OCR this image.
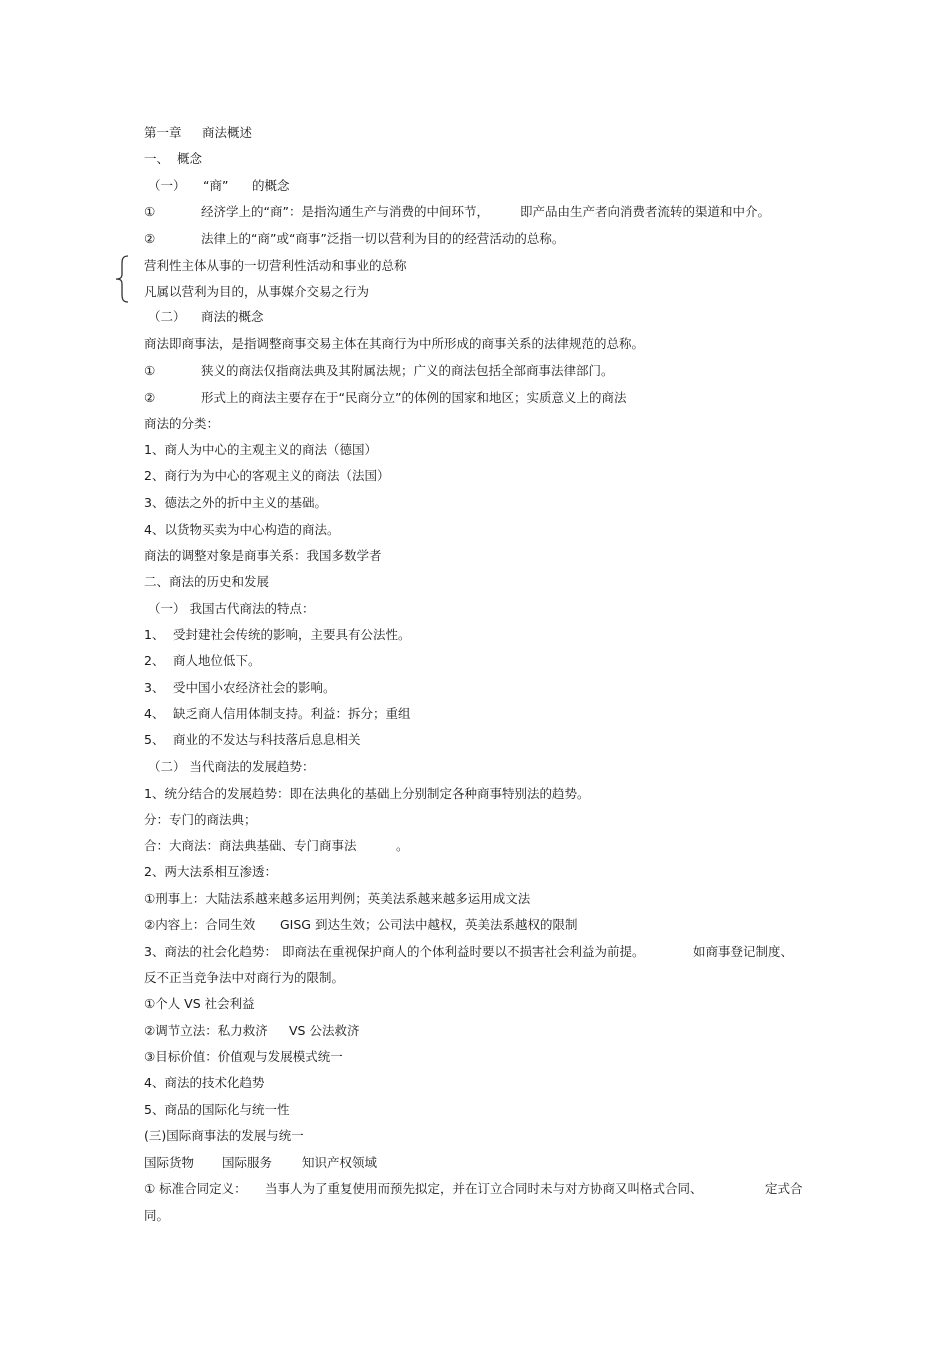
第一章 商法概述
一、 概念
（一） “商” 的概念
①	经济学上的“商”：是指沟通生产与消费的中间环节， 即产品由生产者向消费者流转的渠道和中介。
②	法律上的“商”或“商事”泛指一切以营利为目的的经营活动的总称。
营利性主体从事的一切营利性活动和事业的总称
凡属以营利为目的，从事媒介交易之行为
（二） 商法的概念
商法即商事法，是指调整商事交易主体在其商行为中所形成的商事关系的法律规范的总称。
①	狭义的商法仅指商法典及其附属法规；广义的商法包括全部商事法律部门。
②	形式上的商法主要存在于“民商分立”的体例的国家和地区；实质意义上的商法
商法的分类：
1、商人为中心的主观主义的商法（德国）
2、商行为为中心的客观主义的商法（法国）
3、德法之外的折中主义的基础。
4、以货物买卖为中心构造的商法。
商法的调整对象是商事关系：我国多数学者
二、商法的历史和发展
（一） 我国古代商法的特点：
1、 受封建社会传统的影响，主要具有公法性。
2、 商人地位低下。
3、 受中国小农经济社会的影响。
4、 缺乏商人信用体制支持。利益：拆分；重组
5、 商业的不发达与科技落后息息相关
（二） 当代商法的发展趋势：
1、统分结合的发展趋势：即在法典化的基础上分别制定各种商事特别法的趋势。
分：专门的商法典；
合：大商法：商法典基础、专门商事法	。
2、两大法系相互渗透：
①刑事上：大陆法系越来越多运用判例；英美法系越来越多运用成文法
②内容上：合同生效 GISG 到达生效；公司法中越权，英美法系越权的限制
3、商法的社会化趋势： 即商法在重视保护商人的个体利益时要以不损害社会利益为前提。	如商事登记制度、
反不正当竞争法中对商行为的限制。
①个人 VS 社会利益
②调节立法：私力救济 VS 公法救济
③目标价值：价值观与发展模式统一
4、商法的技术化趋势
5、商品的国际化与统一性
(三)国际商事法的发展与统一
国际货物 国际服务 知识产权领域
① 标准合同定义： 当事人为了重复使用而预先拟定，并在订立合同时未与对方协商又叫格式合同、	定式合
同。
